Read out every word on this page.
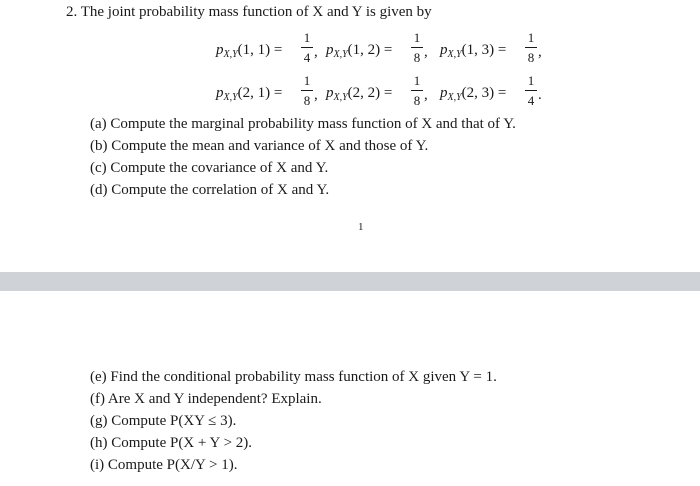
2. The joint probability mass function of X and Y is given by
$p_{X,Y}(1$, 1) =
1
4 , $p_{X,Y}(1$, 2) =
1
8 , $p_{X,Y}(1$, 3) =
1
8 ,
$p_{X,Y}(2$, 1) =
1
8 , $p_{X,Y}(2$, 2) =
1
8 , $p_{X,Y}(2$, 3) =
1
4 .
(a) Compute the marginal probability mass function of X and that of Y.
(b) Compute the mean and variance of X and those of Y.
(c) Compute the covariance of X and Y.
(d) Compute the correlation of X and Y.
1
(e) Find the conditional probability mass function of X given Y = 1.
(f) Are X and Y independent? Explain.
(g) Compute P(XY ≤ 3).
(h) Compute P(X + Y > 2).
(i) Compute P(X/Y > 1).
